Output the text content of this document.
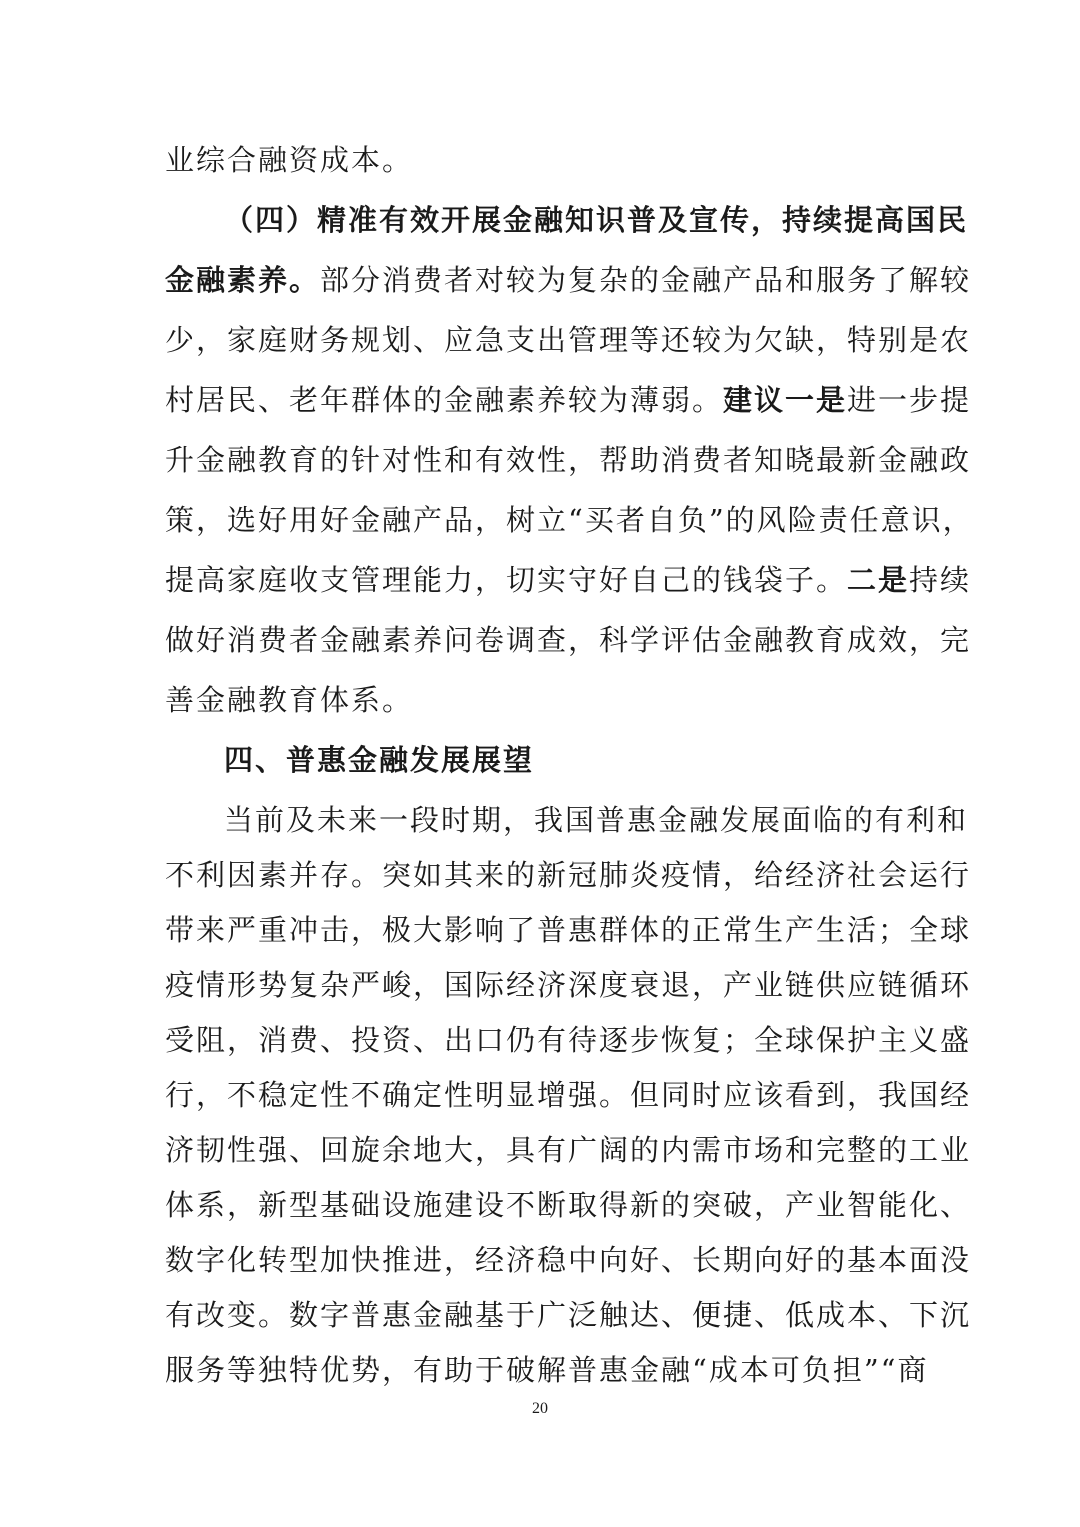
业综合融资成本。
（四）精准有效开展金融知识普及宣传，持续提高国民
金融素养。部分消费者对较为复杂的金融产品和服务了解较
少，家庭财务规划、应急支出管理等还较为欠缺，特别是农
村居民、老年群体的金融素养较为薄弱。建议一是进一步提
升金融教育的针对性和有效性，帮助消费者知晓最新金融政
策，选好用好金融产品，树立“买者自负”的风险责任意识，
提高家庭收支管理能力，切实守好自己的钱袋子。二是持续
做好消费者金融素养问卷调查，科学评估金融教育成效，完
善金融教育体系。
四、普惠金融发展展望
当前及未来一段时期，我国普惠金融发展面临的有利和
不利因素并存。突如其来的新冠肺炎疫情，给经济社会运行
带来严重冲击，极大影响了普惠群体的正常生产生活；全球
疫情形势复杂严峻，国际经济深度衰退，产业链供应链循环
受阻，消费、投资、出口仍有待逐步恢复；全球保护主义盛
行，不稳定性不确定性明显增强。但同时应该看到，我国经
济韧性强、回旋余地大，具有广阔的内需市场和完整的工业
体系，新型基础设施建设不断取得新的突破，产业智能化、
数字化转型加快推进，经济稳中向好、长期向好的基本面没
有改变。数字普惠金融基于广泛触达、便捷、低成本、下沉
20
服务等独特优势，有助于破解普惠金融“成本可负担”“商
